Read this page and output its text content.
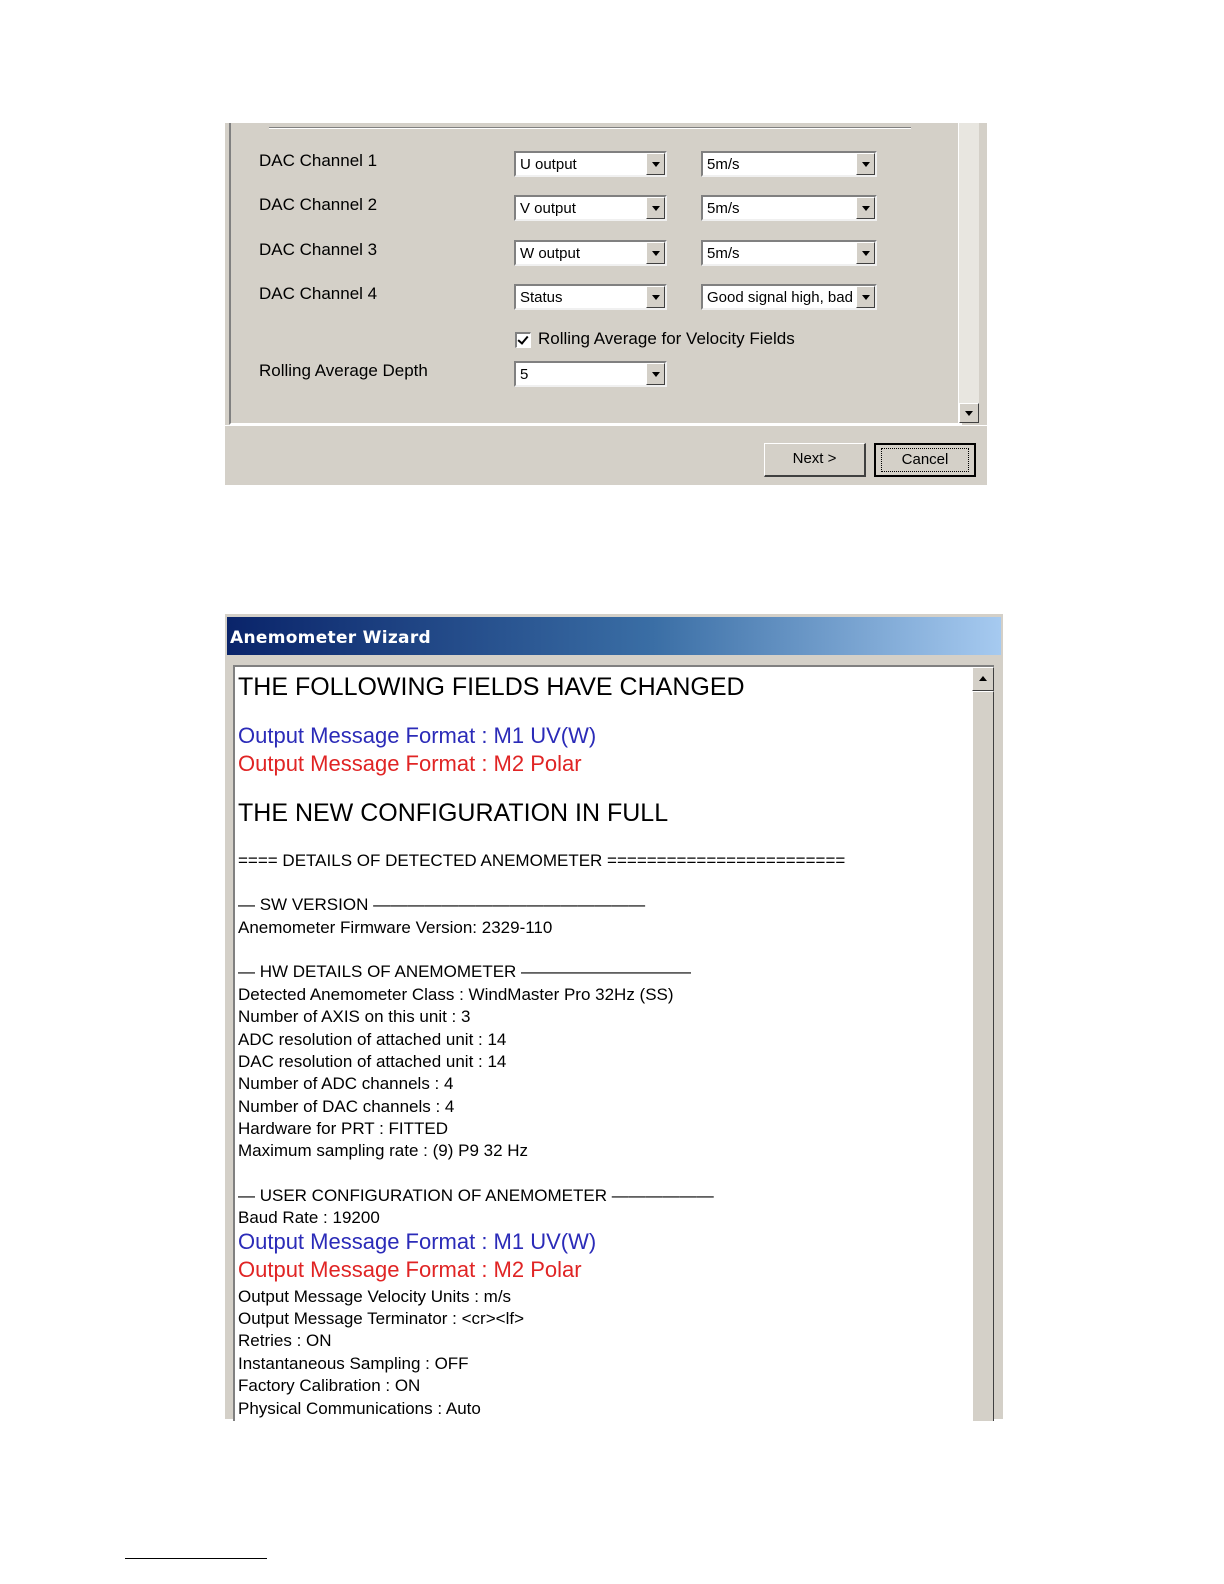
DAC Channel 1	U output	5m/s
DAC Channel 2	V output	5m/s
DAC Channel 3	W output	5m/s
DAC Channel 4	Status	Good signal high, bad
Rolling Average for Velocity Fields
Rolling Average Depth	5
Next >	Cancel
Anemometer Wizard
THE FOLLOWING FIELDS HAVE CHANGED
Output Message Format : M1 UV(W)
Output Message Format : M2 Polar
THE NEW CONFIGURATION IN FULL
==== DETAILS OF DETECTED ANEMOMETER ========================
— SW VERSION ————————————————
Anemometer Firmware Version: 2329-110
— HW DETAILS OF ANEMOMETER ——————————
Detected Anemometer Class : WindMaster Pro 32Hz (SS)
Number of AXIS on this unit : 3
ADC resolution of attached unit : 14
DAC resolution of attached unit : 14
Number of ADC channels : 4
Number of DAC channels : 4
Hardware for PRT : FITTED
Maximum sampling rate : (9) P9 32 Hz
— USER CONFIGURATION OF ANEMOMETER ——————
Baud Rate : 19200
Output Message Format : M1 UV(W)
Output Message Format : M2 Polar
Output Message Velocity Units : m/s
Output Message Terminator : <cr><lf>
Retries : ON
Instantaneous Sampling : OFF
Factory Calibration : ON
Physical Communications : Auto
